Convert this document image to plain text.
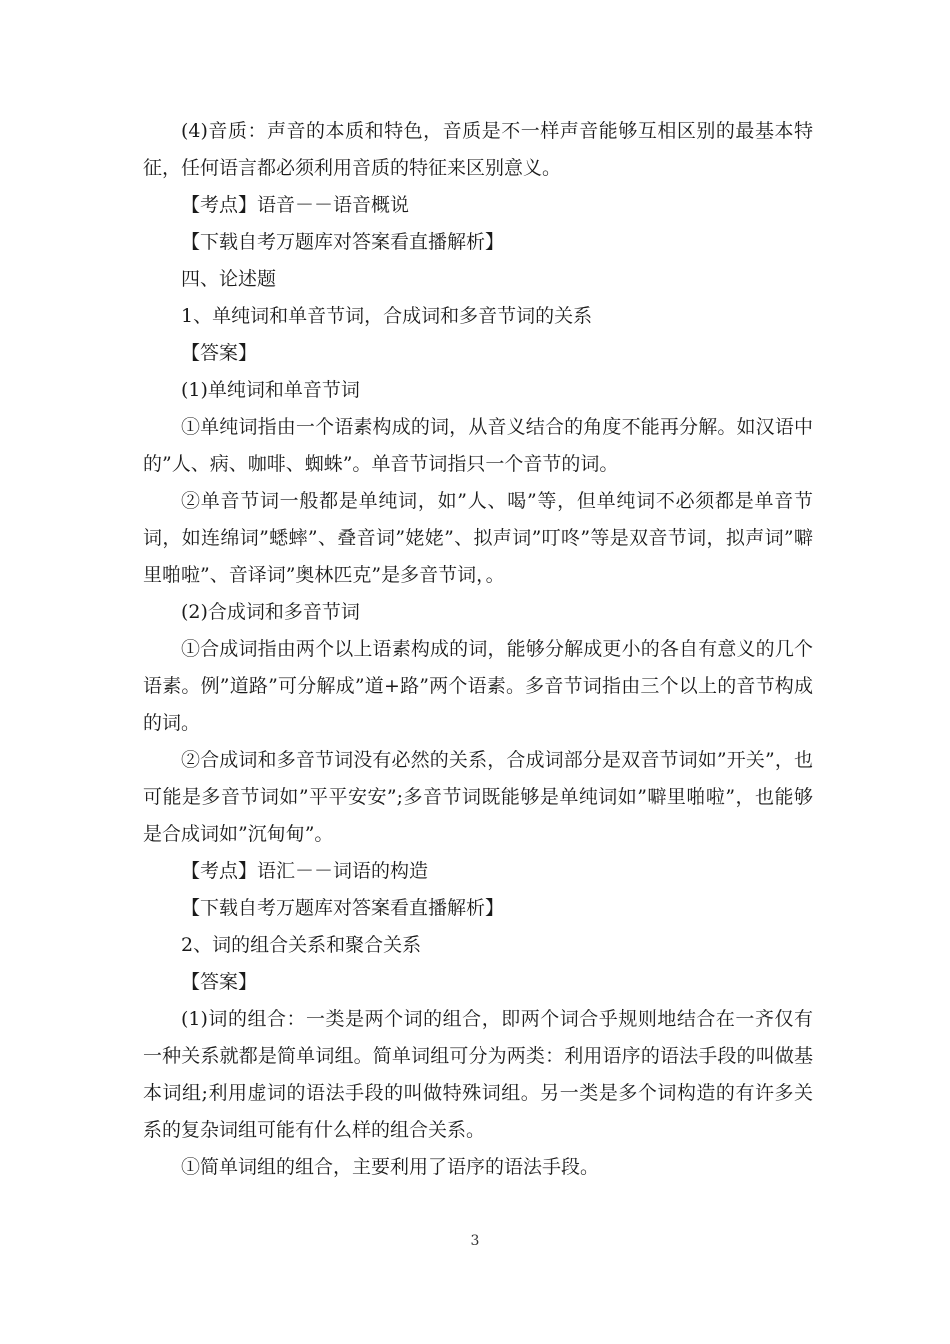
(4)音质：声音的本质和特色，音质是不一样声音能够互相区别的最基本特征，任何语言都必须利用音质的特征来区别意义。

【考点】语音－－语音概说

【下载自考万题库对答案看直播解析】

四、论述题

1、单纯词和单音节词，合成词和多音节词的关系

【答案】

(1)单纯词和单音节词

①单纯词指由一个语素构成的词，从音义结合的角度不能再分解。如汉语中的”人、病、咖啡、蜘蛛”。单音节词指只一个音节的词。

②单音节词一般都是单纯词，如”人、喝”等，但单纯词不必须都是单音节词，如连绵词”蟋蟀”、叠音词”姥姥”、拟声词”叮咚”等是双音节词，拟声词”噼里啪啦”、音译词”奥林匹克”是多音节词，。

(2)合成词和多音节词

①合成词指由两个以上语素构成的词，能够分解成更小的各自有意义的几个语素。例”道路”可分解成”道+路”两个语素。多音节词指由三个以上的音节构成的词。

②合成词和多音节词没有必然的关系，合成词部分是双音节词如”开关”，也可能是多音节词如”平平安安”;多音节词既能够是单纯词如”噼里啪啦”，也能够是合成词如”沉甸甸”。

【考点】语汇－－词语的构造

【下载自考万题库对答案看直播解析】

2、词的组合关系和聚合关系

【答案】

(1)词的组合：一类是两个词的组合，即两个词合乎规则地结合在一齐仅有一种关系就都是简单词组。简单词组可分为两类：利用语序的语法手段的叫做基本词组;利用虚词的语法手段的叫做特殊词组。另一类是多个词构造的有许多关系的复杂词组可能有什么样的组合关系。

①简单词组的组合，主要利用了语序的语法手段。

3
